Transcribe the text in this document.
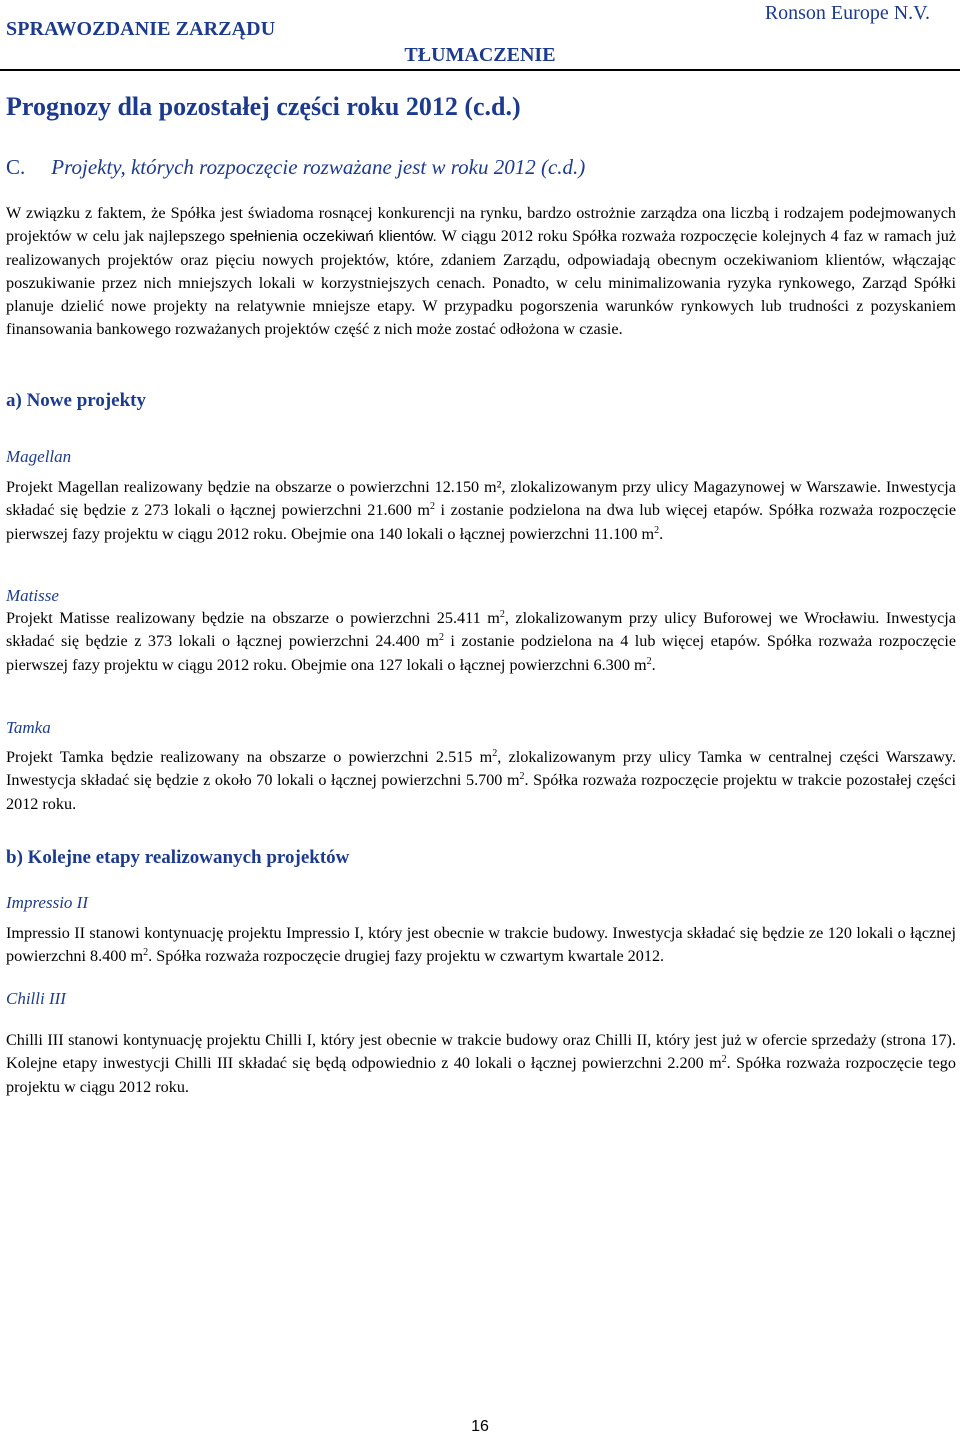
SPRAWOZDANIE ZARZĄDU
TŁUMACZENIE
Ronson Europe N.V.
Prognozy dla pozostałej części roku 2012 (c.d.)
C. Projekty, których rozpoczęcie rozważane jest w roku 2012 (c.d.)
W związku z faktem, że Spółka jest świadoma rosnącej konkurencji na rynku, bardzo ostrożnie zarządza ona liczbą i rodzajem podejmowanych projektów w celu jak najlepszego spełnienia oczekiwań klientów. W ciągu 2012 roku Spółka rozważa rozpoczęcie kolejnych 4 faz w ramach już realizowanych projektów oraz pięciu nowych projektów, które, zdaniem Zarządu, odpowiadają obecnym oczekiwaniom klientów, włączając poszukiwanie przez nich mniejszych lokali w korzystniejszych cenach. Ponadto, w celu minimalizowania ryzyka rynkowego, Zarząd Spółki planuje dzielić nowe projekty na relatywnie mniejsze etapy. W przypadku pogorszenia warunków rynkowych lub trudności z pozyskaniem finansowania bankowego rozważanych projektów część z nich może zostać odłożona w czasie.
a) Nowe projekty
Magellan
Projekt Magellan realizowany będzie na obszarze o powierzchni 12.150 m², zlokalizowanym przy ulicy Magazynowej w Warszawie. Inwestycja składać się będzie z 273 lokali o łącznej powierzchni 21.600 $m^2$ i zostanie podzielona na dwa lub więcej etapów. Spółka rozważa rozpoczęcie pierwszej fazy projektu w ciągu 2012 roku. Obejmie ona 140 lokali o łącznej powierzchni 11.100 $m^2$.
Matisse
Projekt Matisse realizowany będzie na obszarze o powierzchni 25.411 $m^2$, zlokalizowanym przy ulicy Buforowej we Wrocławiu. Inwestycja składać się będzie z 373 lokali o łącznej powierzchni 24.400 $m^2$ i zostanie podzielona na 4 lub więcej etapów. Spółka rozważa rozpoczęcie pierwszej fazy projektu w ciągu 2012 roku. Obejmie ona 127 lokali o łącznej powierzchni 6.300 $m^2$.
Tamka
Projekt Tamka będzie realizowany na obszarze o powierzchni 2.515 $m^2$, zlokalizowanym przy ulicy Tamka w centralnej części Warszawy. Inwestycja składać się będzie z około 70 lokali o łącznej powierzchni 5.700 $m^2$. Spółka rozważa rozpoczęcie projektu w trakcie pozostałej części 2012 roku.
b) Kolejne etapy realizowanych projektów
Impressio II
Impressio II stanowi kontynuację projektu Impressio I, który jest obecnie w trakcie budowy. Inwestycja składać się będzie ze 120 lokali o łącznej powierzchni 8.400 $m^2$. Spółka rozważa rozpoczęcie drugiej fazy projektu w czwartym kwartale 2012.
Chilli III
Chilli III stanowi kontynuację projektu Chilli I, który jest obecnie w trakcie budowy oraz Chilli II, który jest już w ofercie sprzedaży (strona 17). Kolejne etapy inwestycji Chilli III składać się będą odpowiednio z 40 lokali o łącznej powierzchni 2.200 $m^2$. Spółka rozważa rozpoczęcie tego projektu w ciągu 2012 roku.
16
